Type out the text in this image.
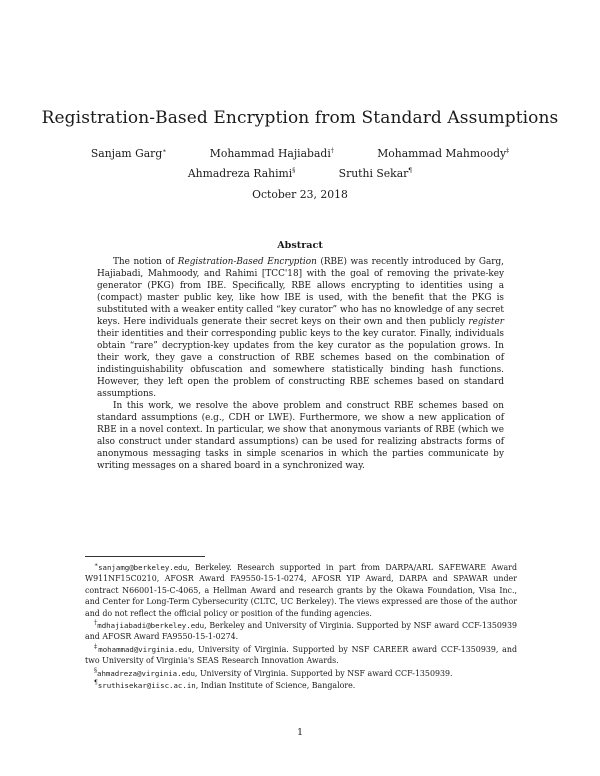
Registration-Based Encryption from Standard Assumptions
Sanjam Garg∗	Mohammad Hajiabadi†	Mohammad Mahmoody‡
Ahmadreza Rahimi§	Sruthi Sekar¶
October 23, 2018
Abstract

The notion of Registration-Based Encryption (RBE) was recently introduced by Garg, Hajiabadi, Mahmoody, and Rahimi [TCC'18] with the goal of removing the private-key generator (PKG) from IBE. Specifically, RBE allows encrypting to identities using a (compact) master public key, like how IBE is used, with the benefit that the PKG is substituted with a weaker entity called “key curator” who has no knowledge of any secret keys. Here individuals generate their secret keys on their own and then publicly register their identities and their corresponding public keys to the key curator. Finally, individuals obtain “rare” decryption-key updates from the key curator as the population grows. In their work, they gave a construction of RBE schemes based on the combination of indistinguishability obfuscation and somewhere statistically binding hash functions. However, they left open the problem of constructing RBE schemes based on standard assumptions.

In this work, we resolve the above problem and construct RBE schemes based on standard assumptions (e.g., CDH or LWE). Furthermore, we show a new application of RBE in a novel context. In particular, we show that anonymous variants of RBE (which we also construct under standard assumptions) can be used for realizing abstracts forms of anonymous messaging tasks in simple scenarios in which the parties communicate by writing messages on a shared board in a synchronized way.

∗sanjamg@berkeley.edu, Berkeley. Research supported in part from DARPA/ARL SAFEWARE Award W911NF15C0210, AFOSR Award FA9550-15-1-0274, AFOSR YIP Award, DARPA and SPAWAR under contract N66001-15-C-4065, a Hellman Award and research grants by the Okawa Foundation, Visa Inc., and Center for Long-Term Cybersecurity (CLTC, UC Berkeley). The views expressed are those of the author and do not reflect the official policy or position of the funding agencies.

†mdhajiabadi@berkeley.edu, Berkeley and University of Virginia. Supported by NSF award CCF-1350939 and AFOSR Award FA9550-15-1-0274.

‡mohammad@virginia.edu, University of Virginia. Supported by NSF CAREER award CCF-1350939, and two University of Virginia's SEAS Research Innovation Awards.

§ahmadreza@virginia.edu, University of Virginia. Supported by NSF award CCF-1350939.

¶sruthisekar@iisc.ac.in, Indian Institute of Science, Bangalore.

1
